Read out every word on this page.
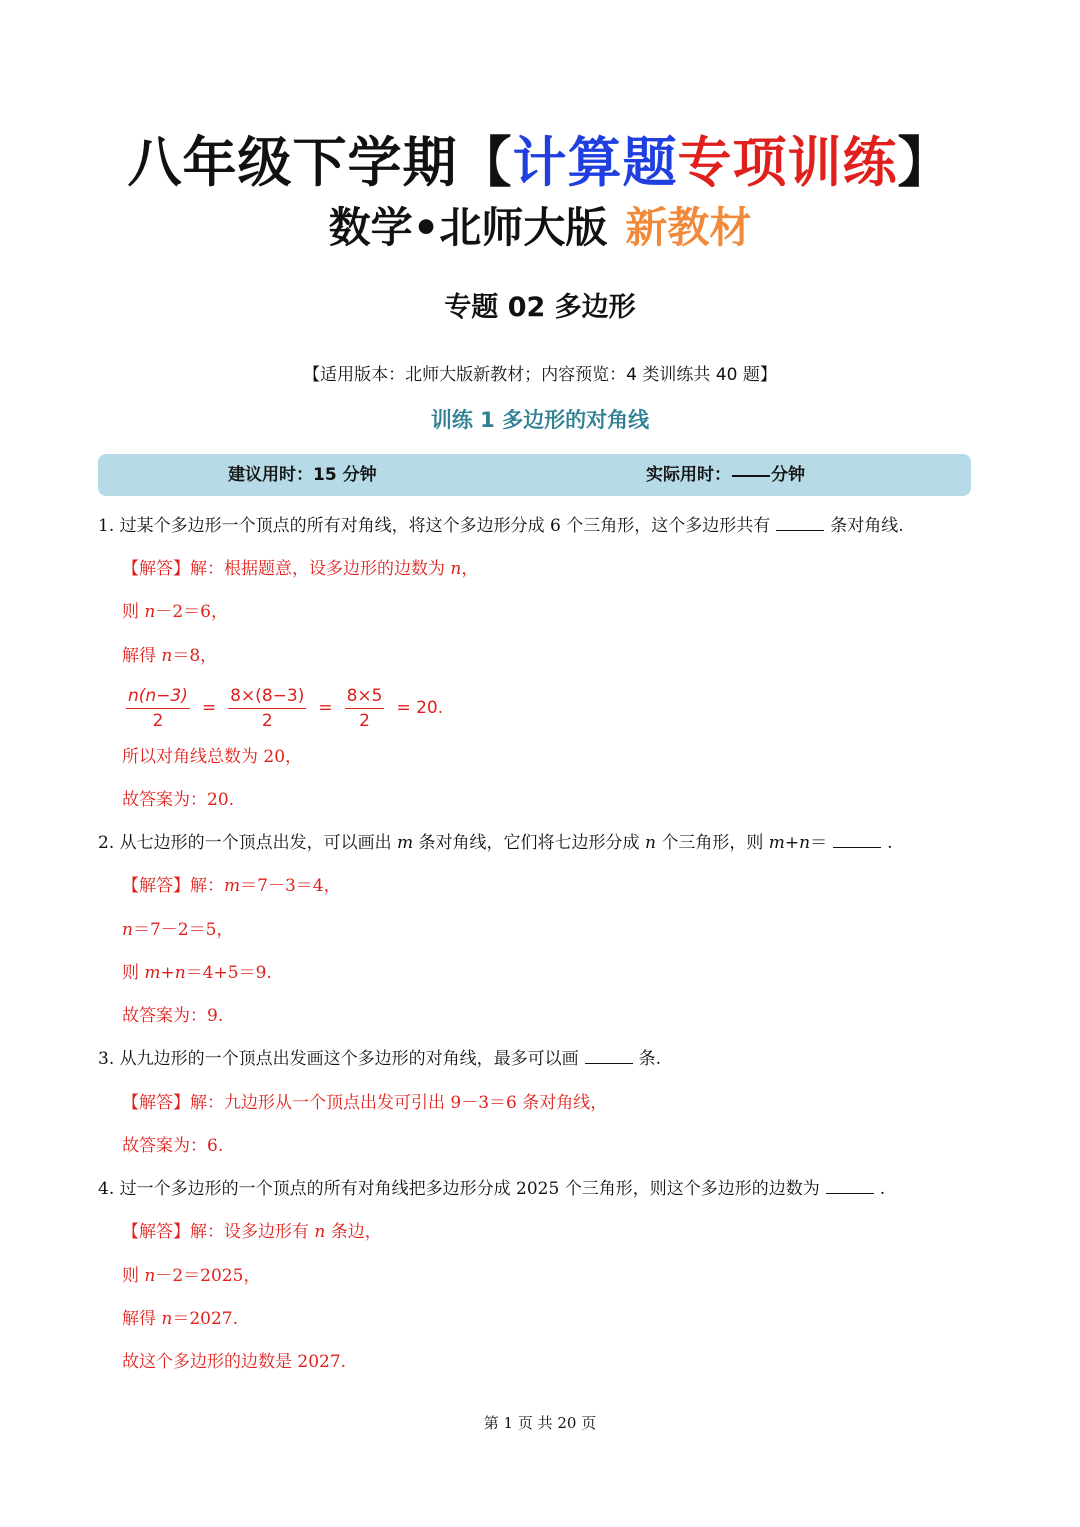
八年级下学期【计算题专项训练】
数学•北师大版 新教材
专题 02 多边形
【适用版本：北师大版新教材；内容预览：4 类训练共 40 题】
训练 1 多边形的对角线
建议用时：15 分钟	实际用时： 分钟
1. 过某个多边形一个顶点的所有对角线，将这个多边形分成 6 个三角形，这个多边形共有	条对角线.
【解答】解：根据题意，设多边形的边数为 n，
则 n－2＝6，
解得 n＝8，
$\frac{n(n-3)}{2} = \frac{8\times(8-3)}{2} = \frac{8\times 5}{2} = 20$.
所以对角线总数为 20，
故答案为：20.
2. 从七边形的一个顶点出发，可以画出 m 条对角线，它们将七边形分成 n 个三角形，则 m+n＝	.
【解答】解：m＝7－3＝4，
n＝7－2＝5，
则 m+n＝4+5＝9.
故答案为：9.
3. 从九边形的一个顶点出发画这个多边形的对角线，最多可以画	条.
【解答】解：九边形从一个顶点出发可引出 9－3＝6 条对角线，
故答案为：6.
4. 过一个多边形的一个顶点的所有对角线把多边形分成 2025 个三角形，则这个多边形的边数为	.
【解答】解：设多边形有 n 条边，
则 n－2＝2025，
解得 n＝2027.
故这个多边形的边数是 2027.
第 1 页 共 20 页
